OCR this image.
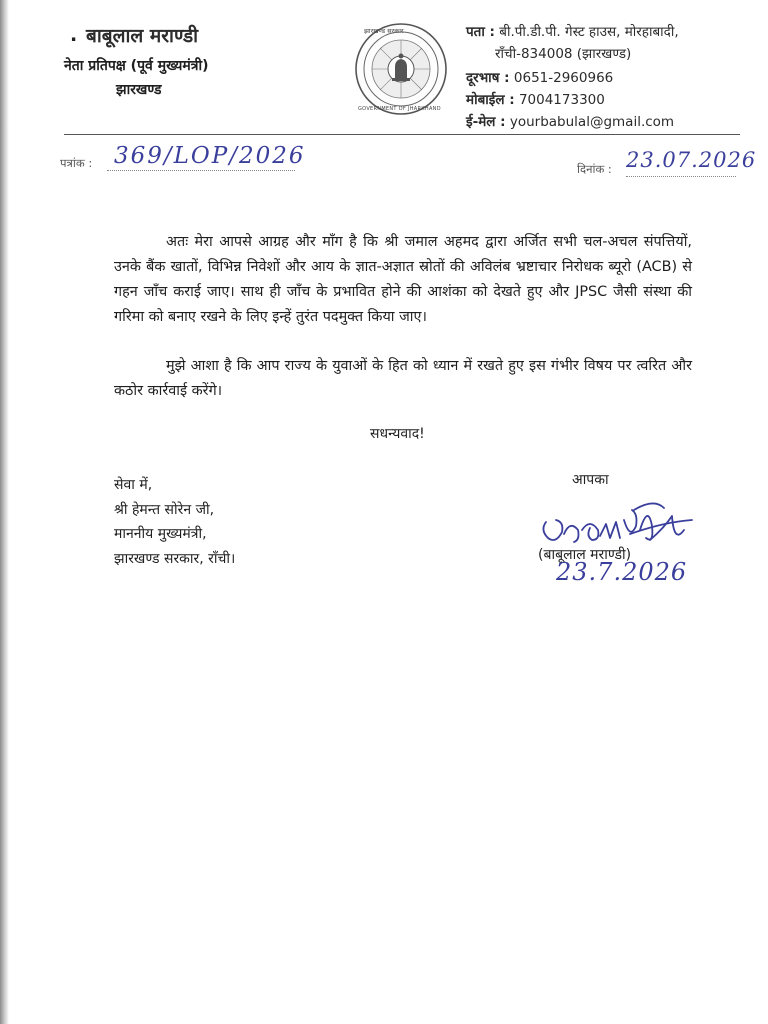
. बाबूलाल मराण्डी
नेता प्रतिपक्ष (पूर्व मुख्यमंत्री)
झारखण्ड
झारखण्ड सरकार
GOVERNMENT OF JHARKHAND
पता : बी.पी.डी.पी. गेस्ट हाउस, मोरहाबादी,
राँची-834008 (झारखण्ड)
दूरभाष : 0651-2960966
मोबाईल : 7004173300
ई-मेल : yourbabulal@gmail.com
पत्रांक : 369/LOP/2026	दिनांक : 23.07.2026

अतः मेरा आपसे आग्रह और माँग है कि श्री जमाल अहमद द्वारा अर्जित सभी चल-अचल संपत्तियों, उनके बैंक खातों, विभिन्न निवेशों और आय के ज्ञात-अज्ञात स्रोतों की अविलंब भ्रष्टाचार निरोधक ब्यूरो (ACB) से गहन जाँच कराई जाए। साथ ही जाँच के प्रभावित होने की आशंका को देखते हुए और JPSC जैसी संस्था की गरिमा को बनाए रखने के लिए इन्हें तुरंत पदमुक्त किया जाए।

मुझे आशा है कि आप राज्य के युवाओं के हित को ध्यान में रखते हुए इस गंभीर विषय पर त्वरित और कठोर कार्रवाई करेंगे।

सधन्यवाद!
सेवा में,
श्री हेमन्त सोरेन जी,
माननीय मुख्यमंत्री,
झारखण्ड सरकार, राँची।
आपका
(बाबूलाल मराण्डी)
23.7.2026
